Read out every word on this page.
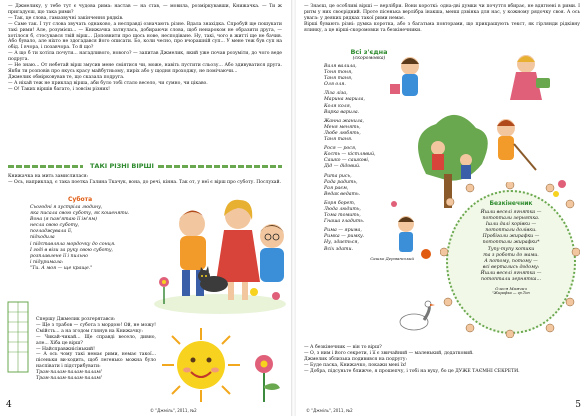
— Джмелику, у тебе тут є чудова рима: настав — на став, — мовила, розміркувавши, Книжачка. — Ти ж пригадуєш, що така рими?

— Так, це слова, гамазвучні закінчення рядків.

— Саме так. І тут слова звучать однаково, а несправді означають різне. Вдала знахідка. Спробуй ще пошукати такі рими! Але, розумієш... — Книжачка затнулась, добираючи слова, щоб ненароком не образити друга, — хотілося б, стосувався твій вірш... Доповнити про щось нове, несподіване. Ну, такі, чого в житті ще не бачив. Або бувало, але ніхто не здогадався його описати. Бо, коли чесно, про вчорашній суп... У мене теж був суп на обід. І вчора, і позавчора. То й що?

— А що б ти хотіла почути... нагадливого, нового? — запитав Джмелик, який уже почав розуміти, до чого веде подруга.

— Не знаю... От небетай вірш змусив мене сміятися чи, може, навіть пустити сльозу... Або здивуватися друга. Якби ти розповів про якусь красу майбутньому, пиріх або у щодня проходжу, не помічаючи...

Джмелик обмірковував те, що сказала подруга.

— А ніхай теж не приклад вірша, аби було тобі стало весело, чи сумно, чи цікаво.

— О! Таких віршів багато, і зовсім різних!

ТАКІ РІЗНІ ВІРШІ

Книжачка на мить замислилася:

— Ось, наприклад, є така поетка Галина Ткачук, вона, до речі, кінна. Так от, у неї є вірш про суботу. Послухай.

Субота

Сьогодні я зустріла людину,

яка писала свою суботу, як кошеняти.

Вона (я пам'ятаю її ім'ям)

несла свою суботу,

погладжувала її,

підходила

і підставляла мордочку до сонця.

І годі в візи за руку свою суботу,

розплавлене її і пильно

і підуримала:

"Ти. А моя — ще краще."

Спершу Джмелик розгерятався:

— Ще з трабов — субота з мордою! Ой, не можу! Смійсть... а на згодом глянув на Книжачку:

— Чикай-чикай... Ще справді весело, дивно, але... Хіба це вірш?

— Найсправжнісінький!

— А ось чому такі немає рими, немає такої... пісеньки ви-ходить, щоб легенько можна було наспівати і підстрибувати:

Трам-палам-палам-палам!

Трам-палам-палам-палам!

4
© "Джміль", 2011, №2

— Знаєш, це особливі вірші — верлібри. Вони короткі: одна-дві думки чи почуття вбирає, не вдягнені в рими. І ритм у них своєрідний. Проте пісенька верлібра інакша, менш дзвінка для нас, у кожному рядочку своя. А ось увага: у деяких рядках такої рими немає.

Вірші бувають різні: думка коротка, або з багатьма повторами, що прикрашують текст, як гірлянди рідківну ялинку, а це вірші-скоромовки та безкінечники.

Всі з'єдна
(скоромовка)

Валя валила,

Тоня тоня,

Таня таня,

Оля оля.

Ліза ліза,

Марина марила,

Коля коля,

Варка варила.

Жанна жанила,

Меня менять,

Любе любять,

Таня таня.

Рося — рося,

Кость — кістлявий,

Сашко — сашкові,

Дід — дідовий.

Рита рись,

Рада радить,

Рая раєм,

Ведак ведать.

Боря борет,

Люда людить,

Тома томить,

Гнаша гладить.

Рима — ярима,

Римка — римку.

Ну, здається,

Всіх здати.

Сашко Дерманський
Безкінечник

Йшли веселі ягнятка —

потоптали зернятка.

Ішли далі корівки —

потоптали долівки.

Пробігали жирафки —

потоптали жирафки*

Тупу-тупу котики

та з роботи до мами.

А потому, потому —

всі вертались додому:

Йшли веселі ягнятка —

потоптали зернятка...

Олеся Мамчич
"Жирафка — гр.Тон

— А безкінечник — він то вірш?

— О, з ним і його секрети, і її є звичайний — маленький, додатковий.

Джмелик зблизька подивився на подругу:

— Буде паска, Книжачко, покажи мені їх!

— Добра, підсуньте ближче, я прошепчу, і тобі на вуху, бо це ДУЖЕ ТАЄМНІ СЕКРЕТИ.

© "Джміль", 2011, №2
5
